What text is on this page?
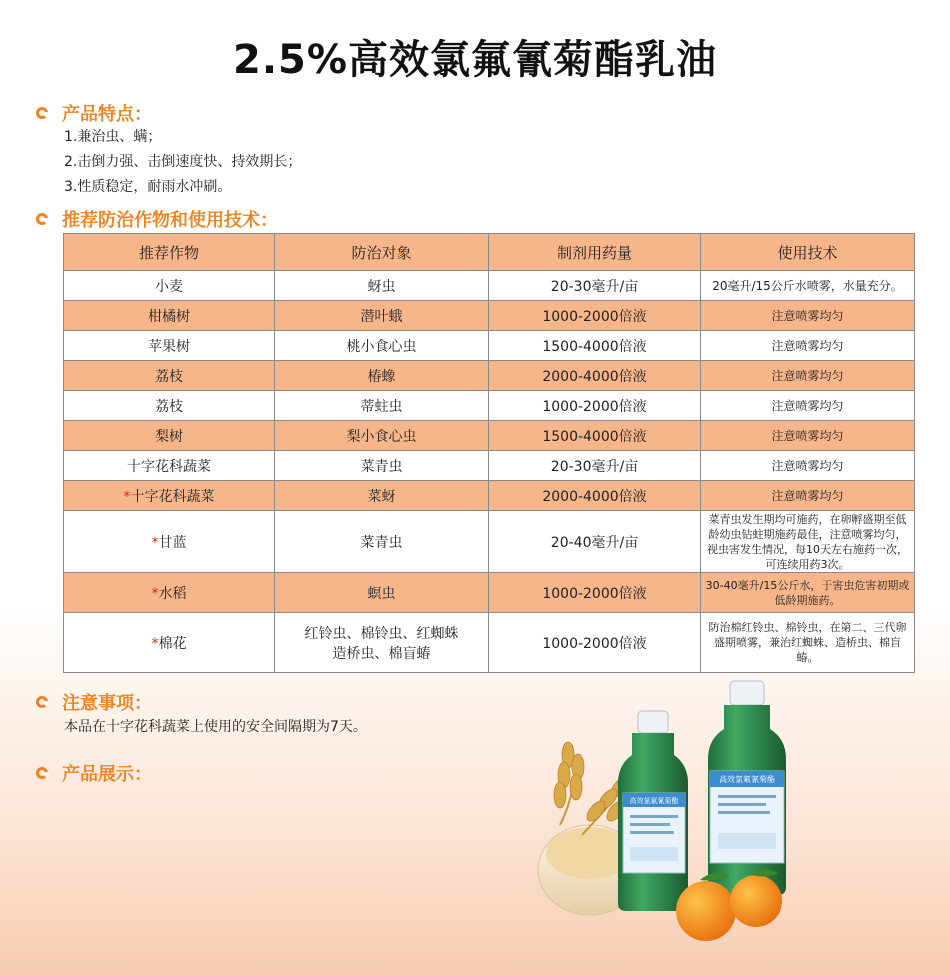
2.5%高效氯氟氰菊酯乳油
产品特点：
1.兼治虫、螨；
2.击倒力强、击倒速度快、持效期长；
3.性质稳定，耐雨水冲刷。
推荐防治作物和使用技术：
推荐作物	防治对象	制剂用药量	使用技术
小麦	蚜虫	20-30毫升/亩	20毫升/15公斤水喷雾，水量充分。
柑橘树	潜叶蛾	1000-2000倍液	注意喷雾均匀
苹果树	桃小食心虫	1500-4000倍液	注意喷雾均匀
荔枝	椿蟓	2000-4000倍液	注意喷雾均匀
荔枝	蒂蛀虫	1000-2000倍液	注意喷雾均匀
梨树	梨小食心虫	1500-4000倍液	注意喷雾均匀
十字花科蔬菜	菜青虫	20-30毫升/亩	注意喷雾均匀
*十字花科蔬菜	菜蚜	2000-4000倍液	注意喷雾均匀
*甘蓝	菜青虫	20-40毫升/亩	菜青虫发生期均可施药，在卵孵盛期至低龄幼虫钻蛀期施药最佳，注意喷雾均匀，视虫害发生情况，每10天左右施药一次，可连续用药3次。
*水稻	螟虫	1000-2000倍液	30-40毫升/15公斤水，于害虫危害初期或低龄期施药。
*棉花	红铃虫、棉铃虫、红蜘蛛造桥虫、棉盲蝽	1000-2000倍液	防治棉红铃虫、棉铃虫，在第二、三代卵盛期喷雾，兼治红蜘蛛、造桥虫、棉盲蝽。
注意事项：
本品在十字花科蔬菜上使用的安全间隔期为7天。
产品展示：
高效氯氟氰菊酯
高效氯氟氰菊酯
